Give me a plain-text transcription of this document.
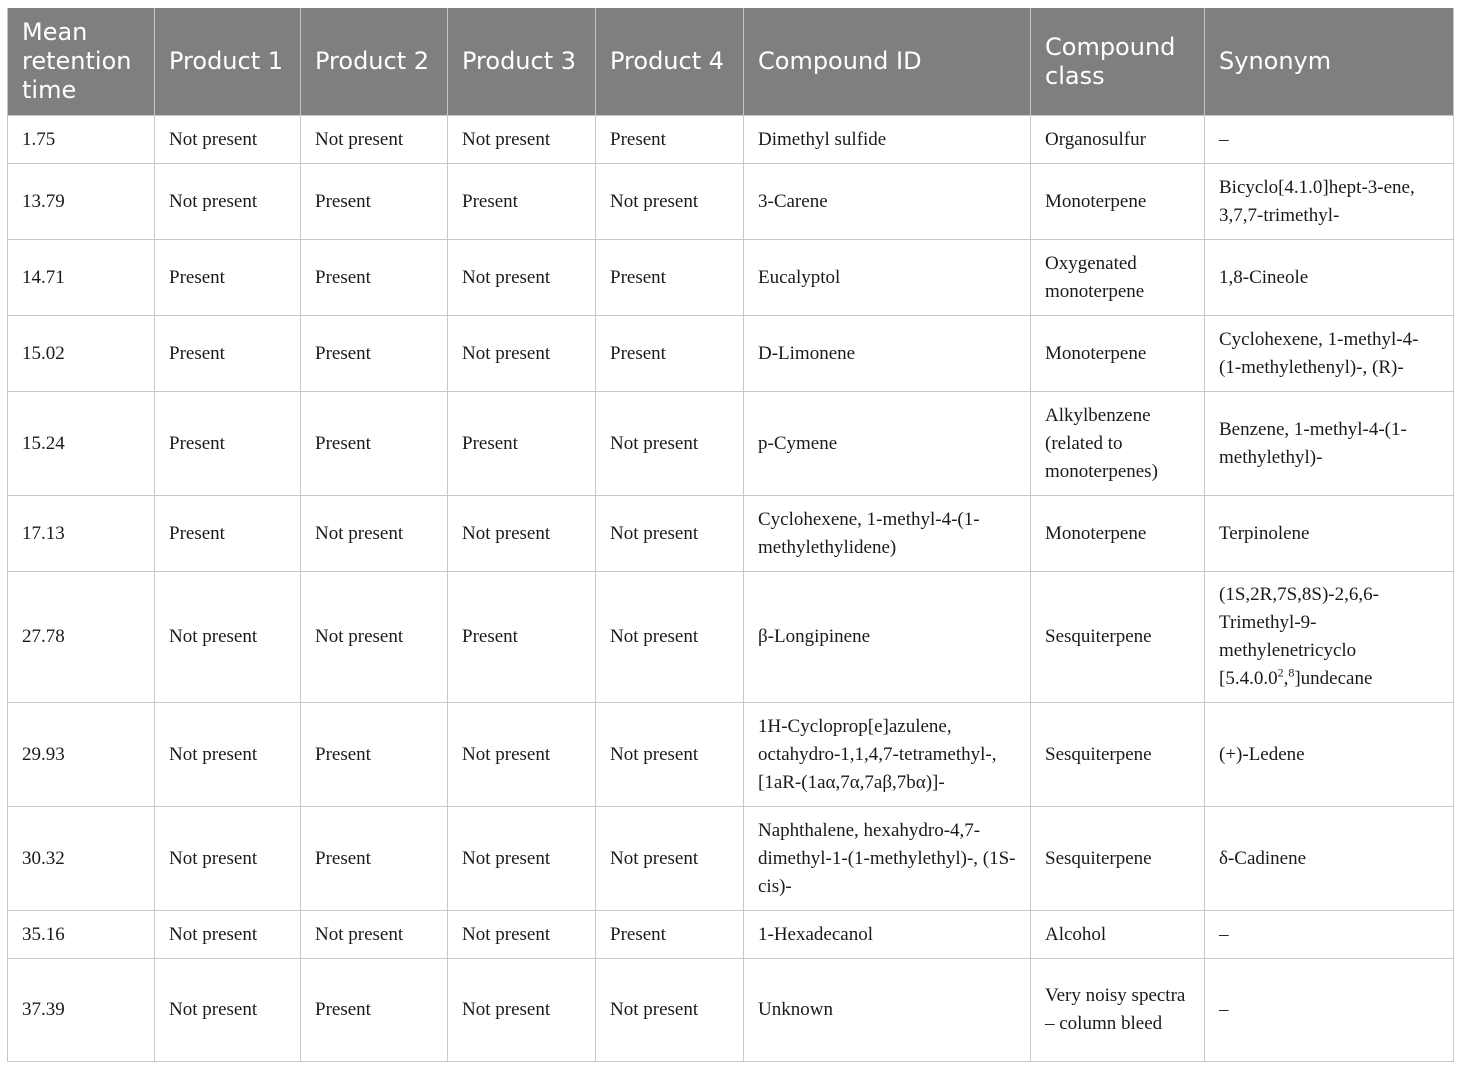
Mean retention time	Product 1	Product 2	Product 3	Product 4	Compound ID	Compound class	Synonym
1.75	Not present	Not present	Not present	Present	Dimethyl sulfide	Organosulfur	–
13.79	Not present	Present	Present	Not present	3-Carene	Monoterpene	Bicyclo[4.1.0]hept-3-ene, 3,7,7-trimethyl-
14.71	Present	Present	Not present	Present	Eucalyptol	Oxygenated monoterpene	1,8-Cineole
15.02	Present	Present	Not present	Present	D-Limonene	Monoterpene	Cyclohexene, 1-methyl-4-(1-methylethenyl)-, (R)-
15.24	Present	Present	Present	Not present	p-Cymene	Alkylbenzene (related to monoterpenes)	Benzene, 1-methyl-4-(1-methylethyl)-
17.13	Present	Not present	Not present	Not present	Cyclohexene, 1-methyl-4-(1-methylethylidene)	Monoterpene	Terpinolene
27.78	Not present	Not present	Present	Not present	β-Longipinene	Sesquiterpene	(1S,2R,7S,8S)-2,6,6-Trimethyl-9-methylenetricyclo [5.4.0.0$^2$,$^8$]undecane
29.93	Not present	Present	Not present	Not present	1H-Cycloprop[e]azulene, octahydro-1,1,4,7-tetramethyl-, [1aR-(1aα,7α,7aβ,7bα)]-	Sesquiterpene	(+)-Ledene
30.32	Not present	Present	Not present	Not present	Naphthalene, hexahydro-4,7-dimethyl-1-(1-methylethyl)-, (1S-cis)-	Sesquiterpene	δ-Cadinene
35.16	Not present	Not present	Not present	Present	1-Hexadecanol	Alcohol	–
37.39	Not present	Present	Not present	Not present	Unknown	Very noisy spectra – column bleed	–
